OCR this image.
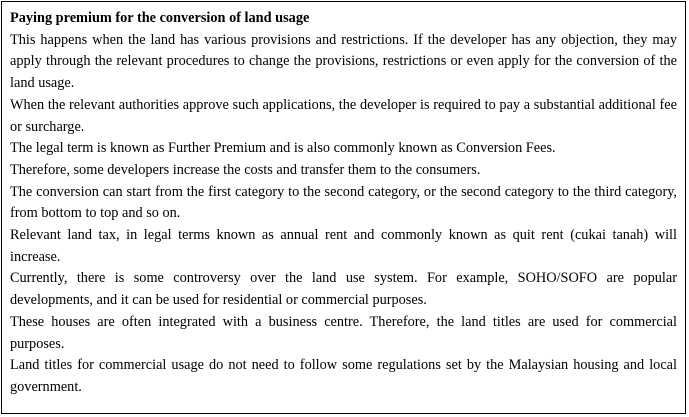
Paying premium for the conversion of land usage

This happens when the land has various provisions and restrictions. If the developer has any objection, they may apply through the relevant procedures to change the provisions, restrictions or even apply for the conversion of the land usage.

When the relevant authorities approve such applications, the developer is required to pay a substantial additional fee or surcharge.

The legal term is known as Further Premium and is also commonly known as Conversion Fees.

Therefore, some developers increase the costs and transfer them to the consumers.

The conversion can start from the first category to the second category, or the second category to the third category, from bottom to top and so on.

Relevant land tax, in legal terms known as annual rent and commonly known as quit rent (cukai tanah) will increase.

Currently, there is some controversy over the land use system. For example, SOHO/SOFO are popular developments, and it can be used for residential or commercial purposes.

These houses are often integrated with a business centre. Therefore, the land titles are used for commercial purposes.

Land titles for commercial usage do not need to follow some regulations set by the Malaysian housing and local government.
